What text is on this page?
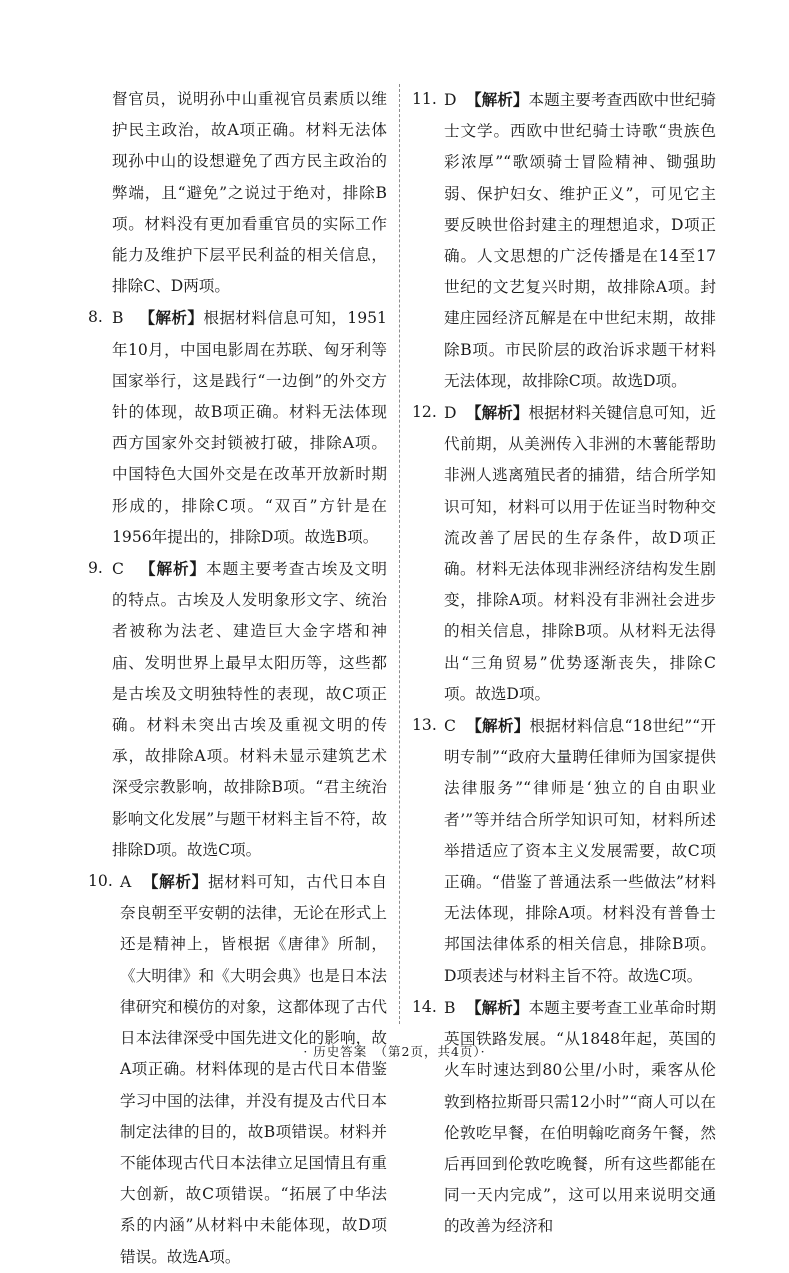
督官员，说明孙中山重视官员素质以维护民主政治，故A项正确。材料无法体现孙中山的设想避免了西方民主政治的弊端，且“避免”之说过于绝对，排除B项。材料没有更加看重官员的实际工作能力及维护下层平民利益的相关信息，排除C、D两项。
8. B 【解析】根据材料信息可知，1951年10月，中国电影周在苏联、匈牙利等国家举行，这是践行“一边倒”的外交方针的体现，故B项正确。材料无法体现西方国家外交封锁被打破，排除A项。中国特色大国外交是在改革开放新时期形成的，排除C项。“双百”方针是在1956年提出的，排除D项。故选B项。
9. C 【解析】本题主要考查古埃及文明的特点。古埃及人发明象形文字、统治者被称为法老、建造巨大金字塔和神庙、发明世界上最早太阳历等，这些都是古埃及文明独特性的表现，故C项正确。材料未突出古埃及重视文明的传承，故排除A项。材料未显示建筑艺术深受宗教影响，故排除B项。“君主统治影响文化发展”与题干材料主旨不符，故排除D项。故选C项。
10. A 【解析】据材料可知，古代日本自奈良朝至平安朝的法律，无论在形式上还是精神上，皆根据《唐律》所制，《大明律》和《大明会典》也是日本法律研究和模仿的对象，这都体现了古代日本法律深受中国先进文化的影响，故A项正确。材料体现的是古代日本借鉴学习中国的法律，并没有提及古代日本制定法律的目的，故B项错误。材料并不能体现古代日本法律立足国情且有重大创新，故C项错误。“拓展了中华法系的内涵”从材料中未能体现，故D项错误。故选A项。
11. D 【解析】本题主要考查西欧中世纪骑士文学。西欧中世纪骑士诗歌“贵族色彩浓厚”“歌颂骑士冒险精神、锄强助弱、保护妇女、维护正义”，可见它主要反映世俗封建主的理想追求，D项正确。人文思想的广泛传播是在14至17世纪的文艺复兴时期，故排除A项。封建庄园经济瓦解是在中世纪末期，故排除B项。市民阶层的政治诉求题干材料无法体现，故排除C项。故选D项。
12. D 【解析】根据材料关键信息可知，近代前期，从美洲传入非洲的木薯能帮助非洲人逃离殖民者的捕猎，结合所学知识可知，材料可以用于佐证当时物种交流改善了居民的生存条件，故D项正确。材料无法体现非洲经济结构发生剧变，排除A项。材料没有非洲社会进步的相关信息，排除B项。从材料无法得出“三角贸易”优势逐渐丧失，排除C项。故选D项。
13. C 【解析】根据材料信息“18世纪”“开明专制”“政府大量聘任律师为国家提供法律服务”“律师是‘独立的自由职业者’”等并结合所学知识可知，材料所述举措适应了资本主义发展需要，故C项正确。“借鉴了普通法系一些做法”材料无法体现，排除A项。材料没有普鲁士邦国法律体系的相关信息，排除B项。D项表述与材料主旨不符。故选C项。
14. B 【解析】本题主要考查工业革命时期英国铁路发展。“从1848年起，英国的火车时速达到80公里/小时，乘客从伦敦到格拉斯哥只需12小时”“商人可以在伦敦吃早餐，在伯明翰吃商务午餐，然后再回到伦敦吃晚餐，所有这些都能在同一天内完成”，这可以用来说明交通的改善为经济和
· 历史答案　（第2页，共4页）·
